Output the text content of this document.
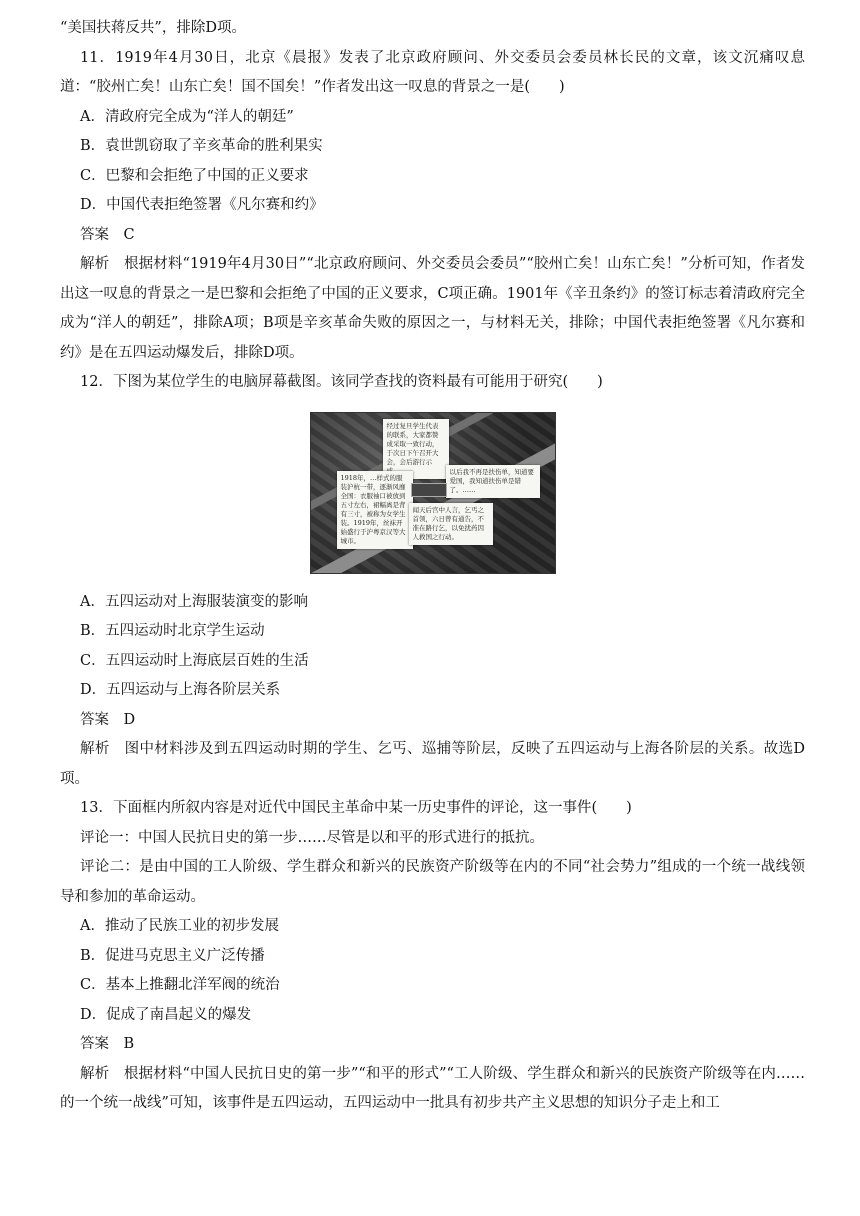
“美国扶蒋反共”，排除D项。

11．1919年4月30日，北京《晨报》发表了北京政府顾问、外交委员会委员林长民的文章，该文沉痛叹息道：“胶州亡矣！山东亡矣！国不国矣！”作者发出这一叹息的背景之一是(　　)

A．清政府完全成为“洋人的朝廷”

B．袁世凯窃取了辛亥革命的胜利果实

C．巴黎和会拒绝了中国的正义要求

D．中国代表拒绝签署《凡尔赛和约》

答案　C

解析　根据材料“1919年4月30日”“北京政府顾问、外交委员会委员”“胶州亡矣！山东亡矣！”分析可知，作者发出这一叹息的背景之一是巴黎和会拒绝了中国的正义要求，C项正确。1901年《辛丑条约》的签订标志着清政府完全成为“洋人的朝廷”，排除A项；B项是辛亥革命失败的原因之一，与材料无关，排除；中国代表拒绝签署《凡尔赛和约》是在五四运动爆发后，排除D项。

12．下图为某位学生的电脑屏幕截图。该同学查找的资料最有可能用于研究(　　)

经过复旦学生代表的联系，大家都赞成采取一致行动，于次日下午召开大会，会后游行示
以后我不再是扶伤单，知道要爱国，我知道扶伤单是错了。……
1918年，…样式的服装沪杭一带，逐渐风靡全国：衣服袖口被放到五寸左右，裙幅离是背有三寸，被称为女学生装。1919年，丝袜开始盛行于沪粤京汉等大城市。
闻天后宫中人言，乞丐之首领，六日曾有通告，不准在路行乞，以免扰药因人救国之行动。

A．五四运动对上海服装演变的影响

B．五四运动时北京学生运动

C．五四运动时上海底层百姓的生活

D．五四运动与上海各阶层关系

答案　D

解析　图中材料涉及到五四运动时期的学生、乞丐、巡捕等阶层，反映了五四运动与上海各阶层的关系。故选D项。

13．下面框内所叙内容是对近代中国民主革命中某一历史事件的评论，这一事件(　　)

评论一：中国人民抗日史的第一步……尽管是以和平的形式进行的抵抗。

评论二：是由中国的工人阶级、学生群众和新兴的民族资产阶级等在内的不同“社会势力”组成的一个统一战线领导和参加的革命运动。

A．推动了民族工业的初步发展

B．促进马克思主义广泛传播

C．基本上推翻北洋军阀的统治

D．促成了南昌起义的爆发

答案　B

解析　根据材料“中国人民抗日史的第一步”“和平的形式”“工人阶级、学生群众和新兴的民族资产阶级等在内……的一个统一战线”可知，该事件是五四运动，五四运动中一批具有初步共产主义思想的知识分子走上和工
